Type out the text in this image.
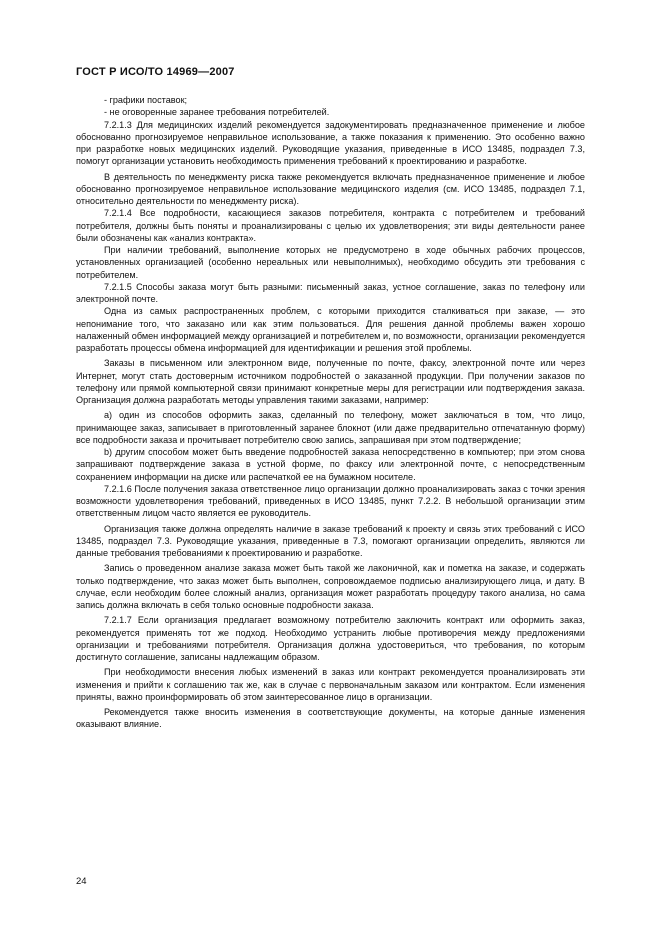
ГОСТ Р ИСО/ТО 14969—2007

- графики поставок;

- не оговоренные заранее требования потребителей.

7.2.1.3 Для медицинских изделий рекомендуется задокументировать предназначенное применение и любое обоснованно прогнозируемое неправильное использование, а также показания к применению. Это особенно важно при разработке новых медицинских изделий. Руководящие указания, приведенные в ИСО 13485, подраздел 7.3, помогут организации установить необходимость применения требований к проектированию и разработке.

В деятельность по менеджменту риска также рекомендуется включать предназначенное применение и любое обоснованно прогнозируемое неправильное использование медицинского изделия (см. ИСО 13485, подраздел 7.1, относительно деятельности по менеджменту риска).

7.2.1.4 Все подробности, касающиеся заказов потребителя, контракта с потребителем и требований потребителя, должны быть поняты и проанализированы с целью их удовлетворения; эти виды деятельности ранее были обозначены как «анализ контракта».

При наличии требований, выполнение которых не предусмотрено в ходе обычных рабочих процессов, установленных организацией (особенно нереальных или невыполнимых), необходимо обсудить эти требования с потребителем.

7.2.1.5 Способы заказа могут быть разными: письменный заказ, устное соглашение, заказ по телефону или электронной почте.

Одна из самых распространенных проблем, с которыми приходится сталкиваться при заказе, — это непонимание того, что заказано или как этим пользоваться. Для решения данной проблемы важен хорошо налаженный обмен информацией между организацией и потребителем и, по возможности, организации рекомендуется разработать процессы обмена информацией для идентификации и решения этой проблемы.

Заказы в письменном или электронном виде, полученные по почте, факсу, электронной почте или через Интернет, могут стать достоверным источником подробностей о заказанной продукции. При получении заказов по телефону или прямой компьютерной связи принимают конкретные меры для регистрации или подтверждения заказа. Организация должна разработать методы управления такими заказами, например:

a) один из способов оформить заказ, сделанный по телефону, может заключаться в том, что лицо, принимающее заказ, записывает в приготовленный заранее блокнот (или даже предварительно отпечатанную форму) все подробности заказа и прочитывает потребителю свою запись, запрашивая при этом подтверждение;

b) другим способом может быть введение подробностей заказа непосредственно в компьютер; при этом снова запрашивают подтверждение заказа в устной форме, по факсу или электронной почте, с непосредственным сохранением информации на диске или распечаткой ее на бумажном носителе.

7.2.1.6 После получения заказа ответственное лицо организации должно проанализировать заказ с точки зрения возможности удовлетворения требований, приведенных в ИСО 13485, пункт 7.2.2. В небольшой организации этим ответственным лицом часто является ее руководитель.

Организация также должна определять наличие в заказе требований к проекту и связь этих требований с ИСО 13485, подраздел 7.3. Руководящие указания, приведенные в 7.3, помогают организации определить, являются ли данные требования требованиями к проектированию и разработке.

Запись о проведенном анализе заказа может быть такой же лаконичной, как и пометка на заказе, и содержать только подтверждение, что заказ может быть выполнен, сопровождаемое подписью анализирующего лица, и дату. В случае, если необходим более сложный анализ, организация может разработать процедуру такого анализа, но сама запись должна включать в себя только основные подробности заказа.

7.2.1.7 Если организация предлагает возможному потребителю заключить контракт или оформить заказ, рекомендуется применять тот же подход. Необходимо устранить любые противоречия между предложениями организации и требованиями потребителя. Организация должна удостовериться, что требования, по которым достигнуто соглашение, записаны надлежащим образом.

При необходимости внесения любых изменений в заказ или контракт рекомендуется проанализировать эти изменения и прийти к соглашению так же, как в случае с первоначальным заказом или контрактом. Если изменения приняты, важно проинформировать об этом заинтересованное лицо в организации.

Рекомендуется также вносить изменения в соответствующие документы, на которые данные изменения оказывают влияние.

24
